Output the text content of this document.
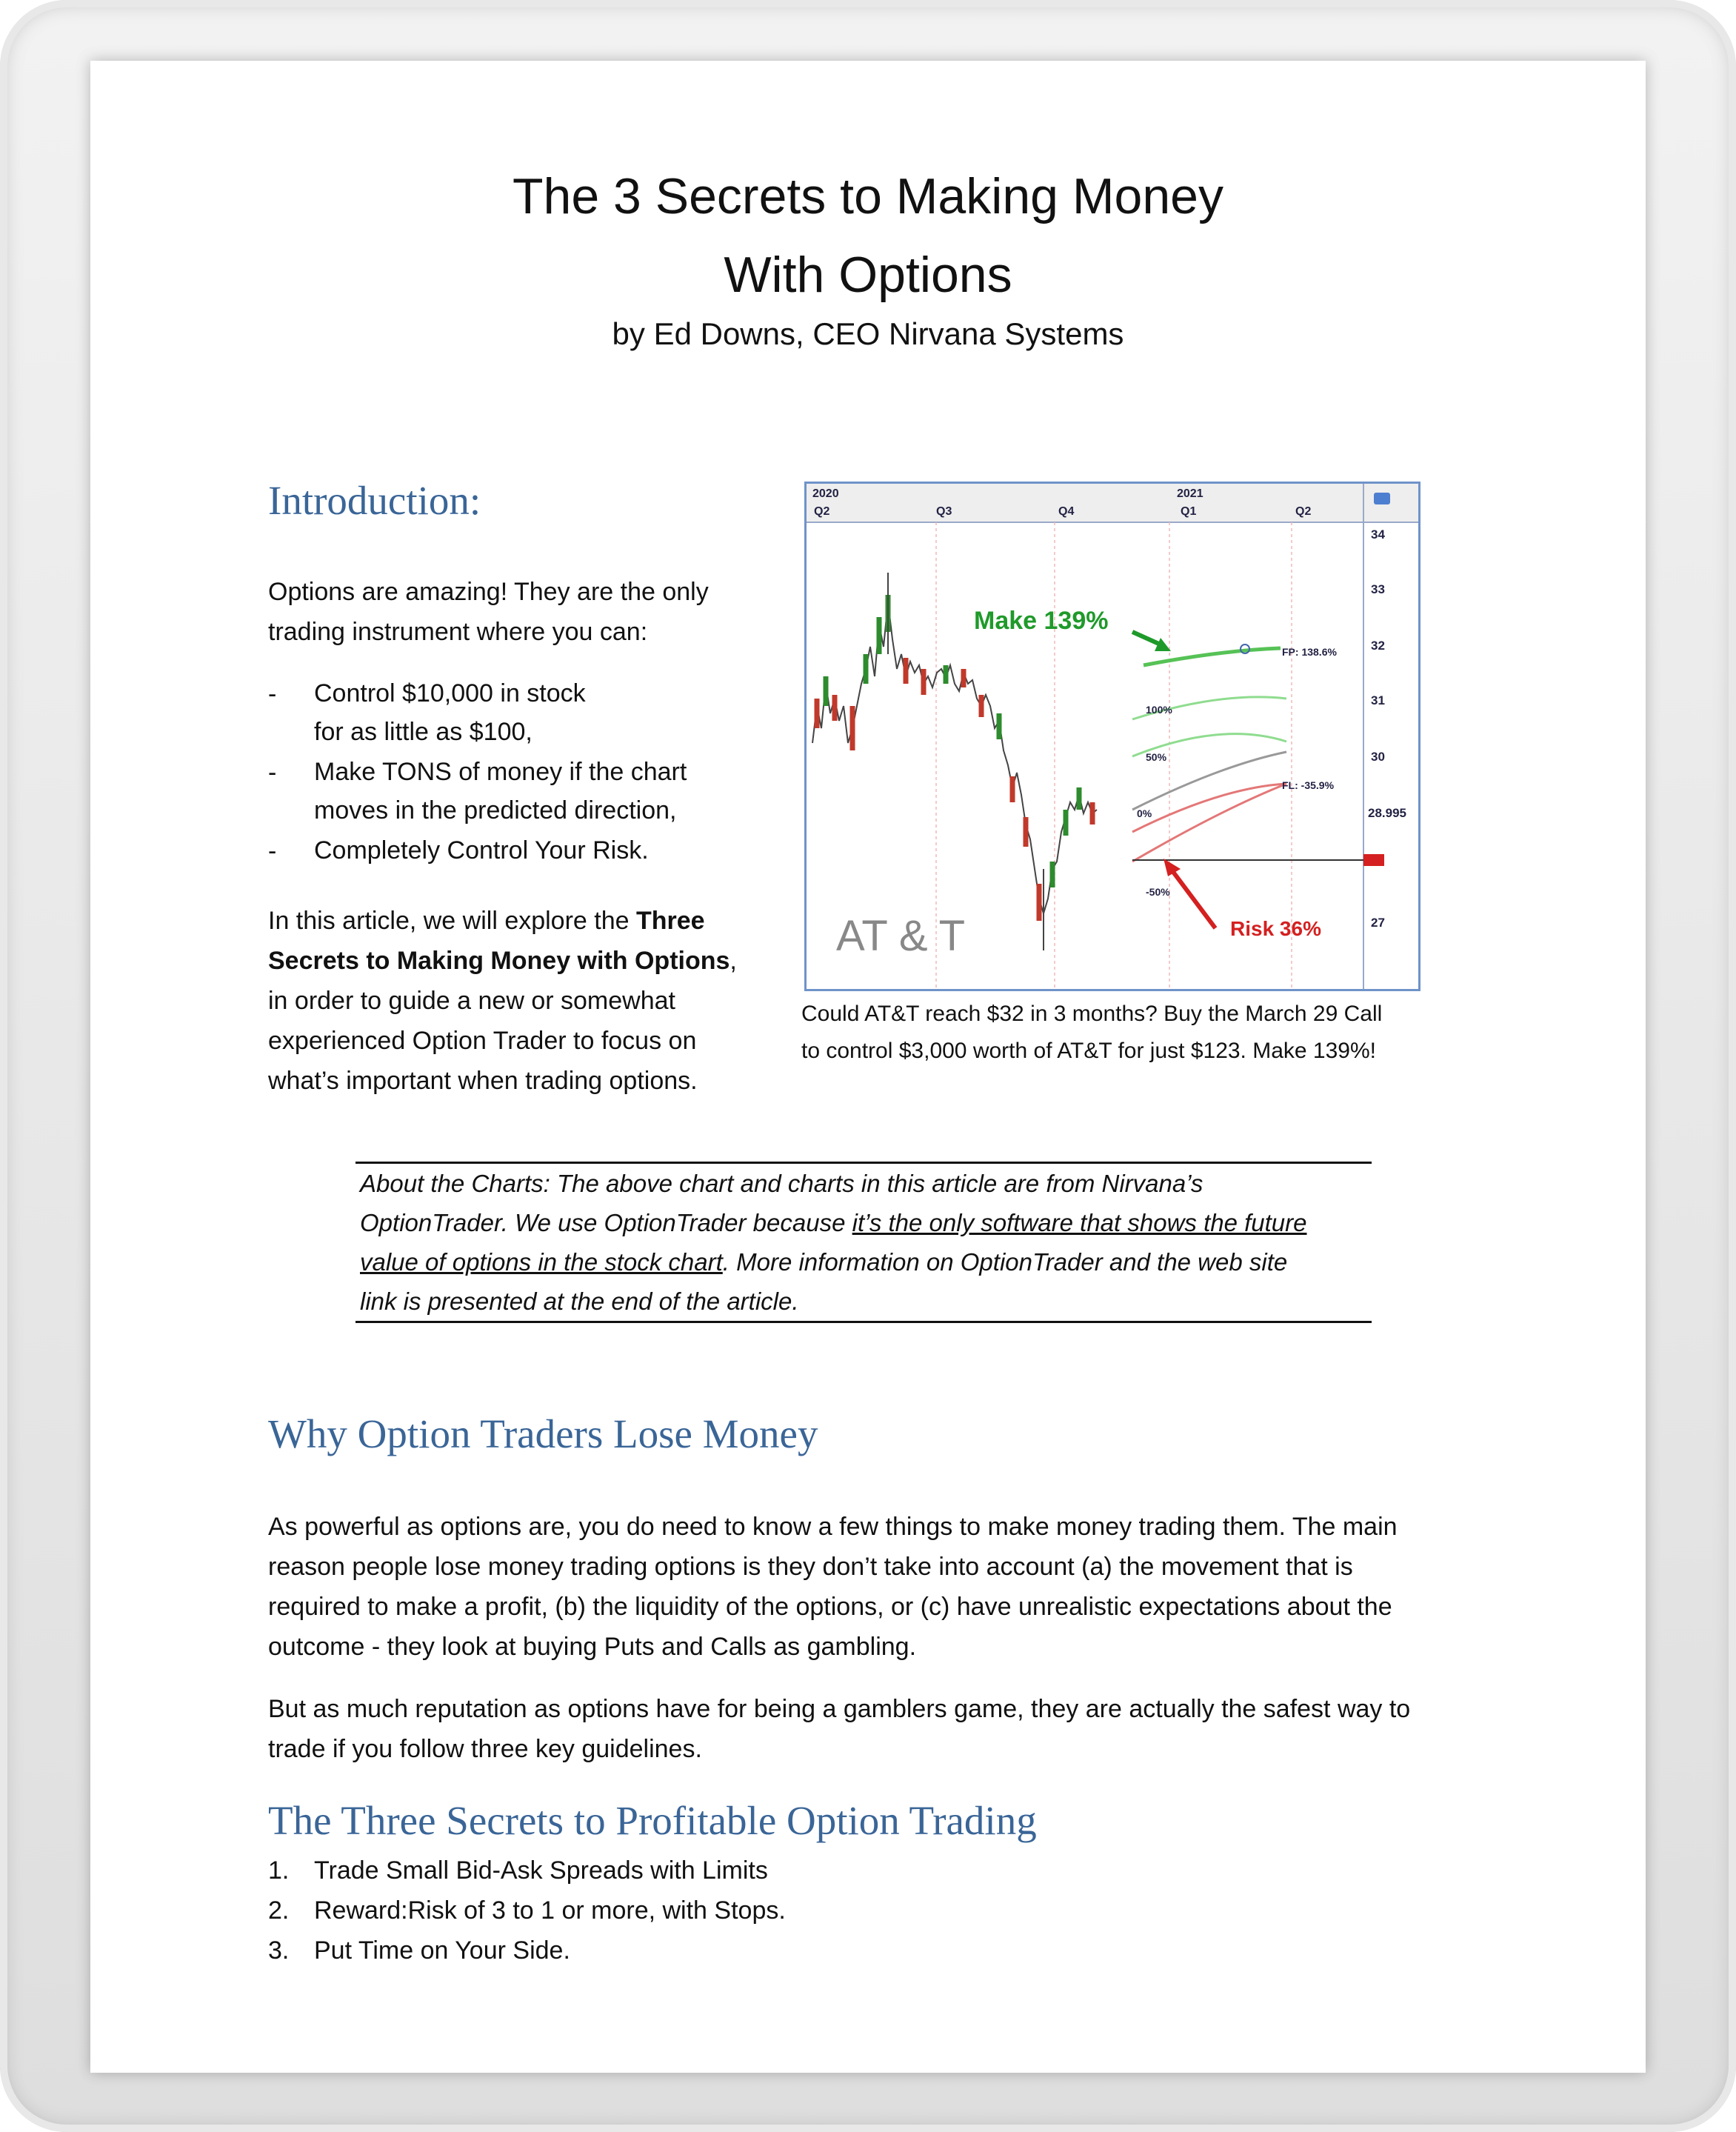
The 3 Secrets to Making Money
With Options
by Ed Downs, CEO Nirvana Systems
Introduction:
Options are amazing! They are the only
trading instrument where you can:
- Control $10,000 in stock
for as little as $100,
- Make TONS of money if the chart
moves in the predicted direction,
- Completely Control Your Risk.
In this article, we will explore the Three
Secrets to Making Money with Options,
in order to guide a new or somewhat
experienced Option Trader to focus on
what’s important when trading options.
2020	2021
Q2	Q3	Q4	Q1	Q2
34
33
32
31
30
28.995
27
FP: 138.6%
FL: -35.9%
100%
50%
0%
-50%
Make 139%
Risk 36%
AT & T
Could AT&T reach $32 in 3 months? Buy the March 29 Call
to control $3,000 worth of AT&T for just $123. Make 139%!
About the Charts: The above chart and charts in this article are from Nirvana’s
OptionTrader. We use OptionTrader because it’s the only software that shows the future
value of options in the stock chart. More information on OptionTrader and the web site
link is presented at the end of the article.
Why Option Traders Lose Money
As powerful as options are, you do need to know a few things to make money trading them. The main
reason people lose money trading options is they don’t take into account (a) the movement that is
required to make a profit, (b) the liquidity of the options, or (c) have unrealistic expectations about the
outcome - they look at buying Puts and Calls as gambling.
But as much reputation as options have for being a gamblers game, they are actually the safest way to
trade if you follow three key guidelines.
The Three Secrets to Profitable Option Trading
1. Trade Small Bid-Ask Spreads with Limits
2. Reward:Risk of 3 to 1 or more, with Stops.
3. Put Time on Your Side.
